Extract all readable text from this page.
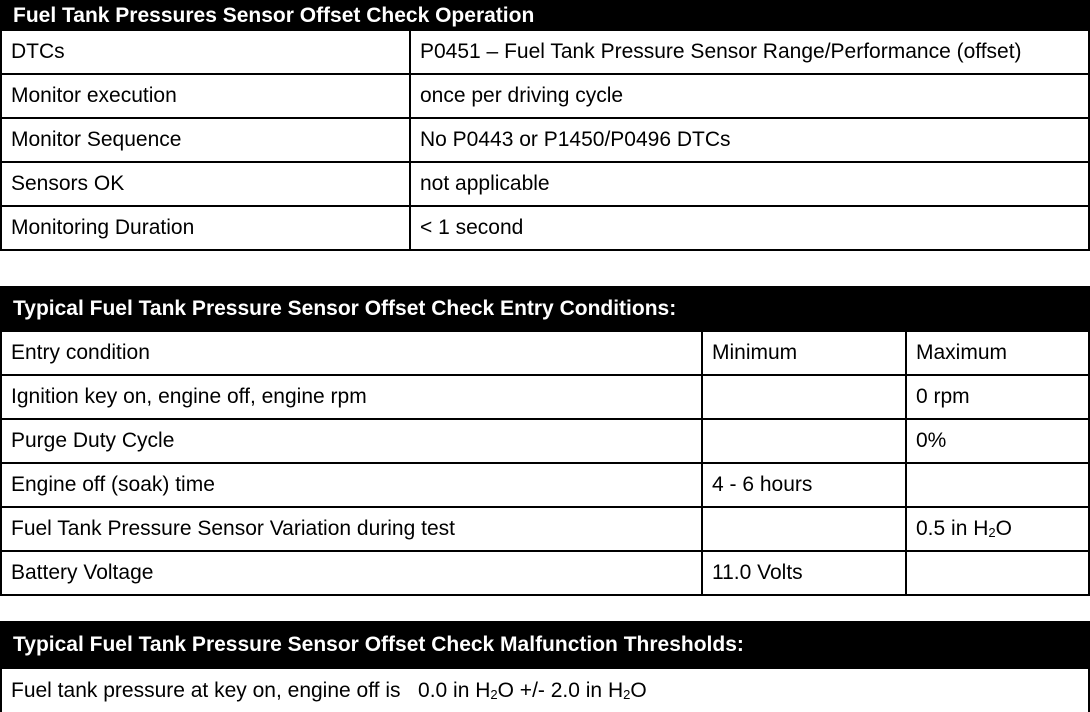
Fuel Tank Pressures Sensor Offset Check Operation	
DTCs	P0451 – Fuel Tank Pressure Sensor Range/Performance (offset)
Monitor execution	once per driving cycle
Monitor Sequence	No P0443 or P1450/P0496 DTCs
Sensors OK	not applicable
Monitoring Duration	< 1 second
Typical Fuel Tank Pressure Sensor Offset Check Entry Conditions:		
Entry condition	Minimum	Maximum
Ignition key on, engine off, engine rpm		0 rpm
Purge Duty Cycle		0%
Engine off (soak) time	4 - 6 hours	
Fuel Tank Pressure Sensor Variation during test		0.5 in $H_2O$
Battery Voltage	11.0 Volts	
Typical Fuel Tank Pressure Sensor Offset Check Malfunction Thresholds:
Fuel tank pressure at key on, engine off is   0.0 in $H_2O$ +/- 2.0 in $H_2O$
